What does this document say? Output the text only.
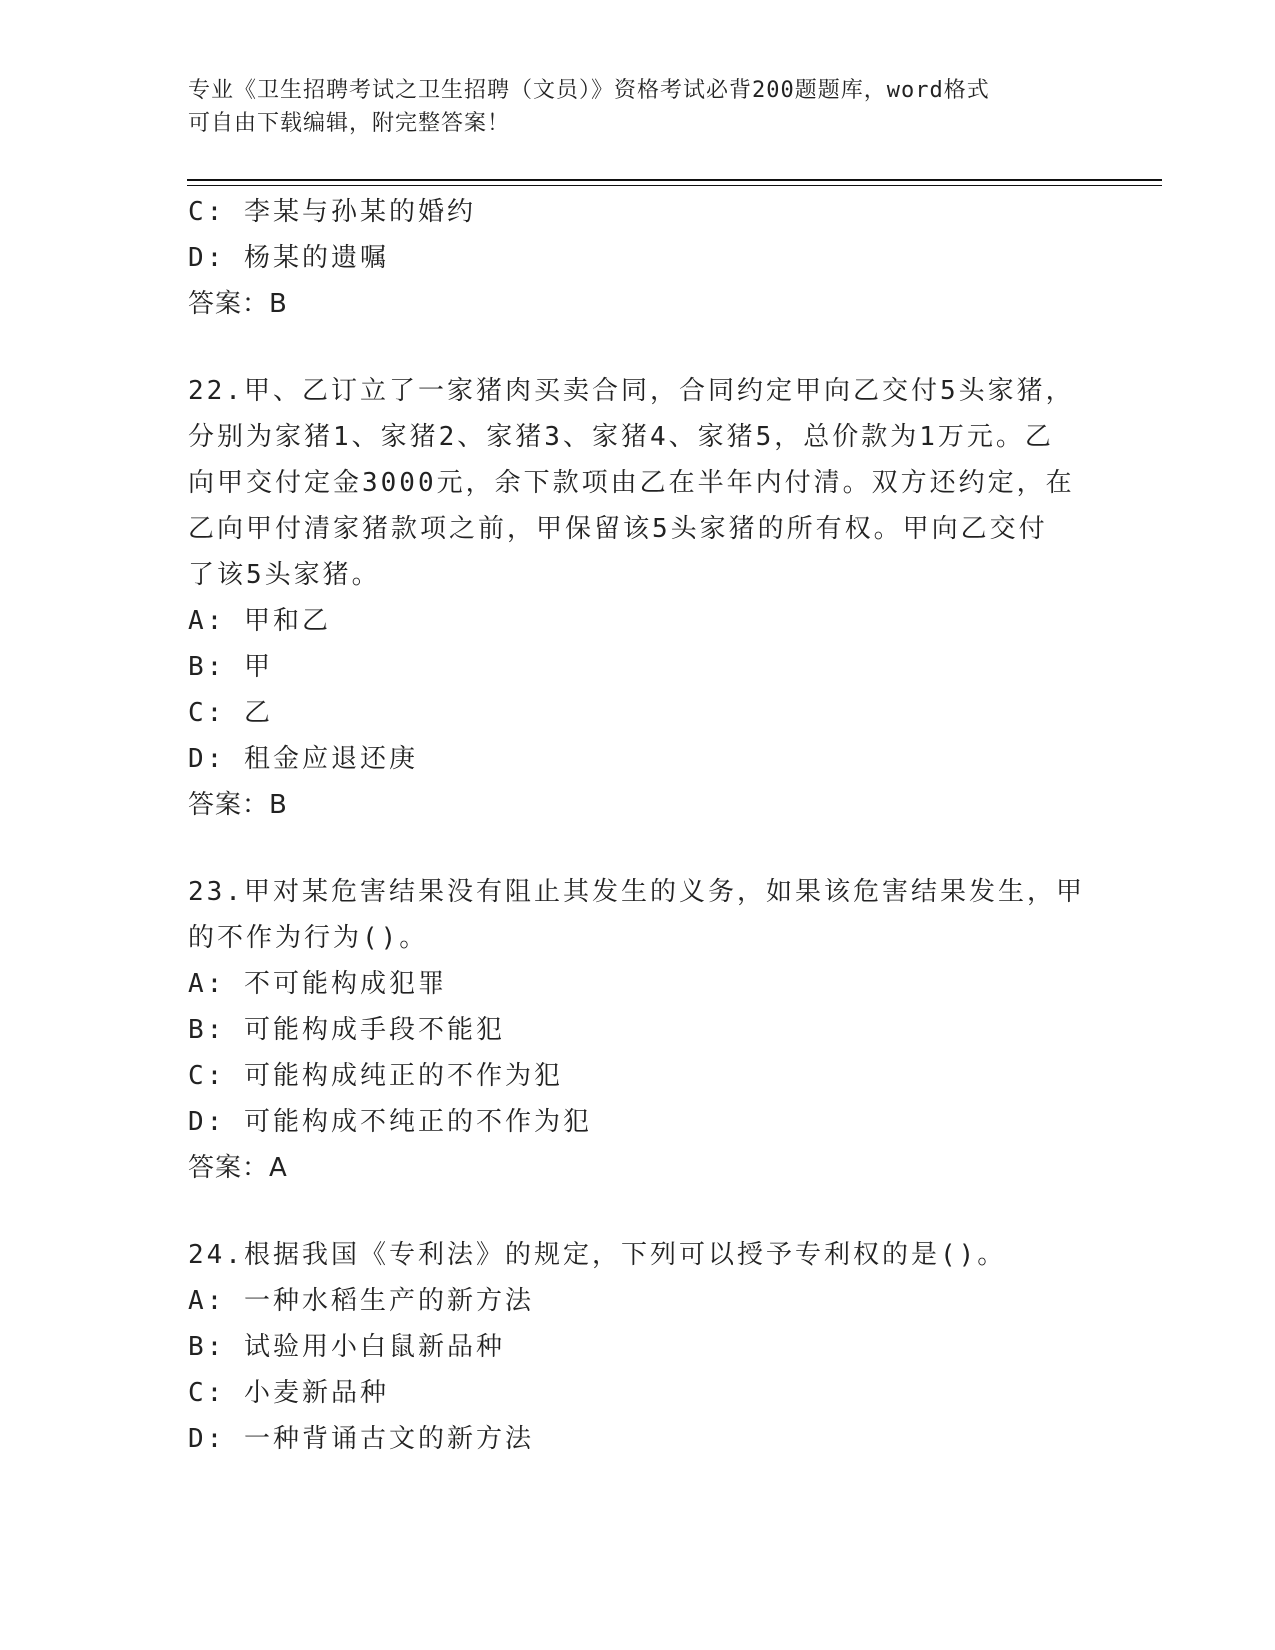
专业《卫生招聘考试之卫生招聘（文员）》资格考试必背200题题库，word格式
可自由下载编辑，附完整答案！
C: 李某与孙某的婚约
D: 杨某的遗嘱
答案：B
22.甲、乙订立了一家猪肉买卖合同，合同约定甲向乙交付5头家猪，
分别为家猪1、家猪2、家猪3、家猪4、家猪5，总价款为1万元。乙
向甲交付定金3000元，余下款项由乙在半年内付清。双方还约定，在
乙向甲付清家猪款项之前，甲保留该5头家猪的所有权。甲向乙交付
了该5头家猪。
A: 甲和乙
B: 甲
C: 乙
D: 租金应退还庚
答案：B
23.甲对某危害结果没有阻止其发生的义务，如果该危害结果发生，甲
的不作为行为()。
A: 不可能构成犯罪
B: 可能构成手段不能犯
C: 可能构成纯正的不作为犯
D: 可能构成不纯正的不作为犯
答案：A
24.根据我国《专利法》的规定，下列可以授予专利权的是()。
A: 一种水稻生产的新方法
B: 试验用小白鼠新品种
C: 小麦新品种
D: 一种背诵古文的新方法
